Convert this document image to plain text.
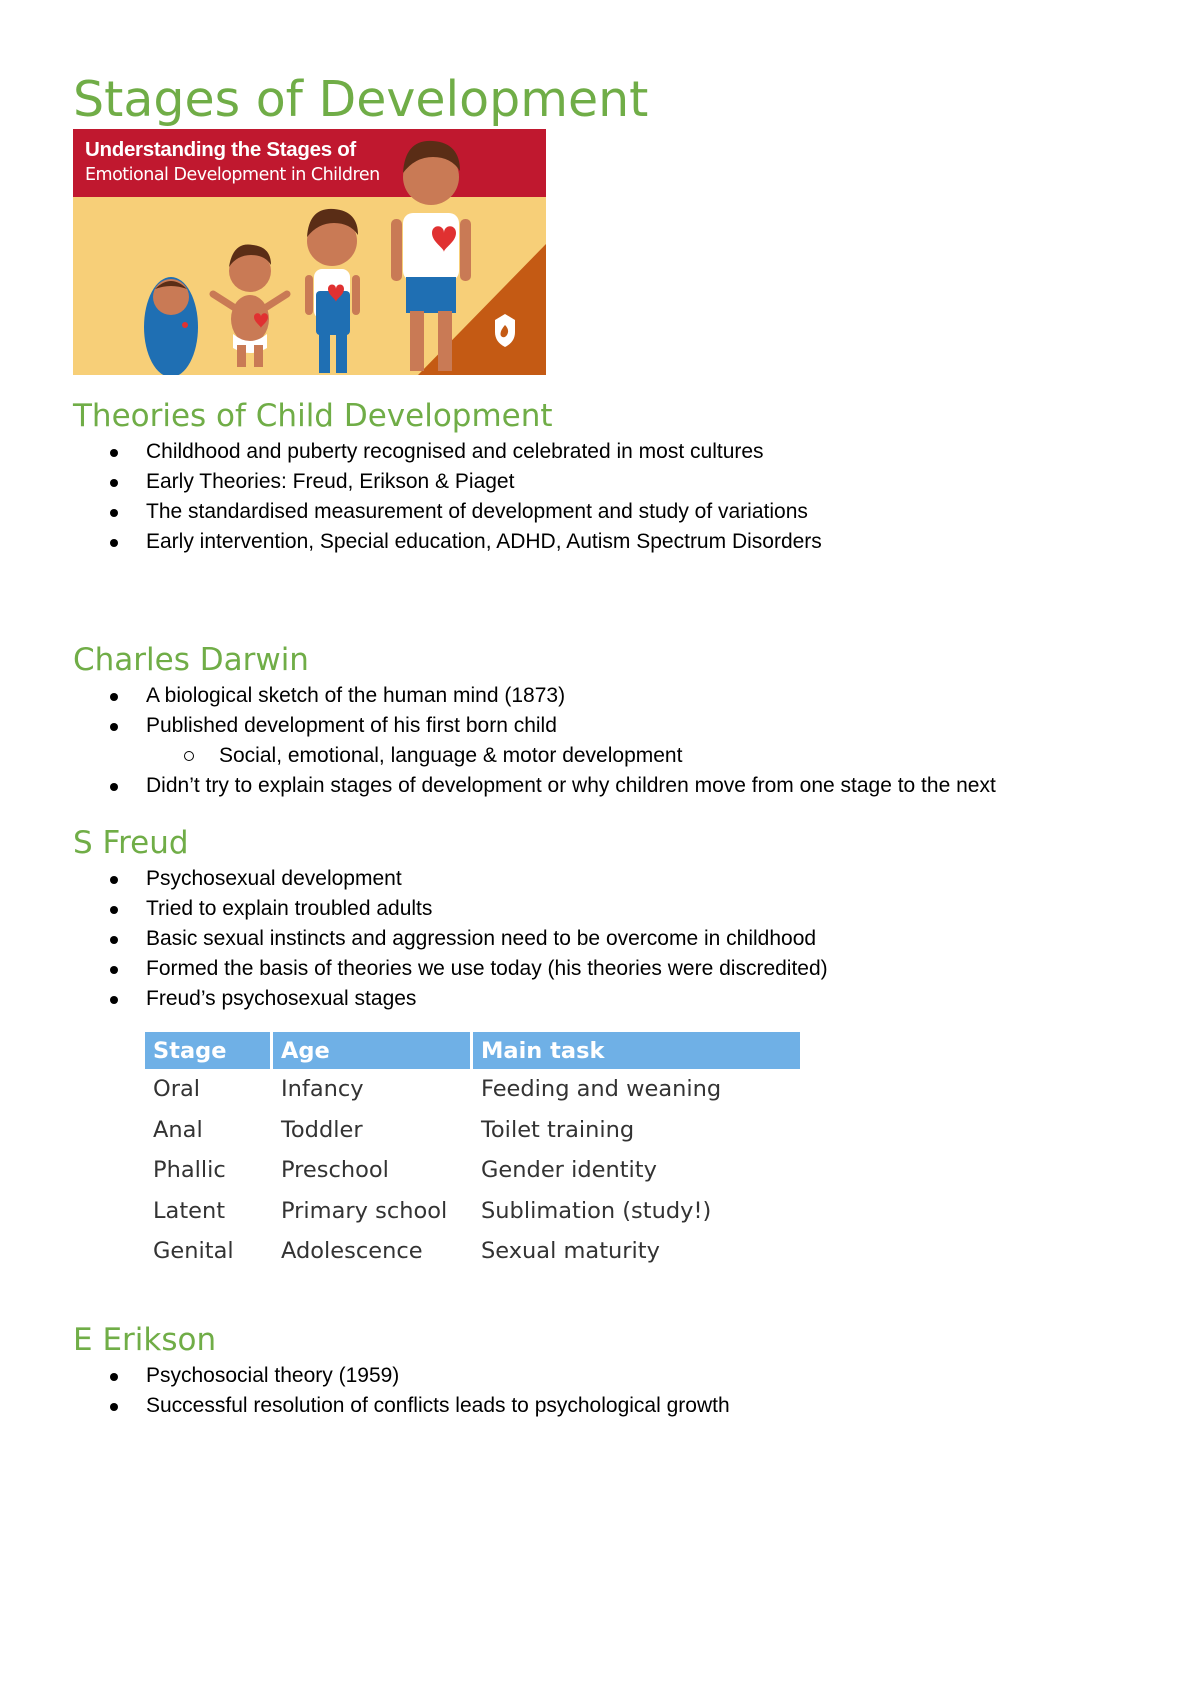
Stages of Development
Understanding the Stages of
Emotional Development in Children
Theories of Child Development
Childhood and puberty recognised and celebrated in most cultures
Early Theories: Freud, Erikson & Piaget
The standardised measurement of development and study of variations
Early intervention, Special education, ADHD, Autism Spectrum Disorders
Charles Darwin
A biological sketch of the human mind (1873)
Published development of his first born child
Social, emotional, language & motor development
Didn’t try to explain stages of development or why children move from one stage to the next
S Freud
Psychosexual development
Tried to explain troubled adults
Basic sexual instincts and aggression need to be overcome in childhood
Formed the basis of theories we use today (his theories were discredited)
Freud’s psychosexual stages
Stage	Age	Main task
Oral	Infancy	Feeding and weaning
Anal	Toddler	Toilet training
Phallic	Preschool	Gender identity
Latent	Primary school	Sublimation (study!)
Genital	Adolescence	Sexual maturity
E Erikson
Psychosocial theory (1959)
Successful resolution of conflicts leads to psychological growth
